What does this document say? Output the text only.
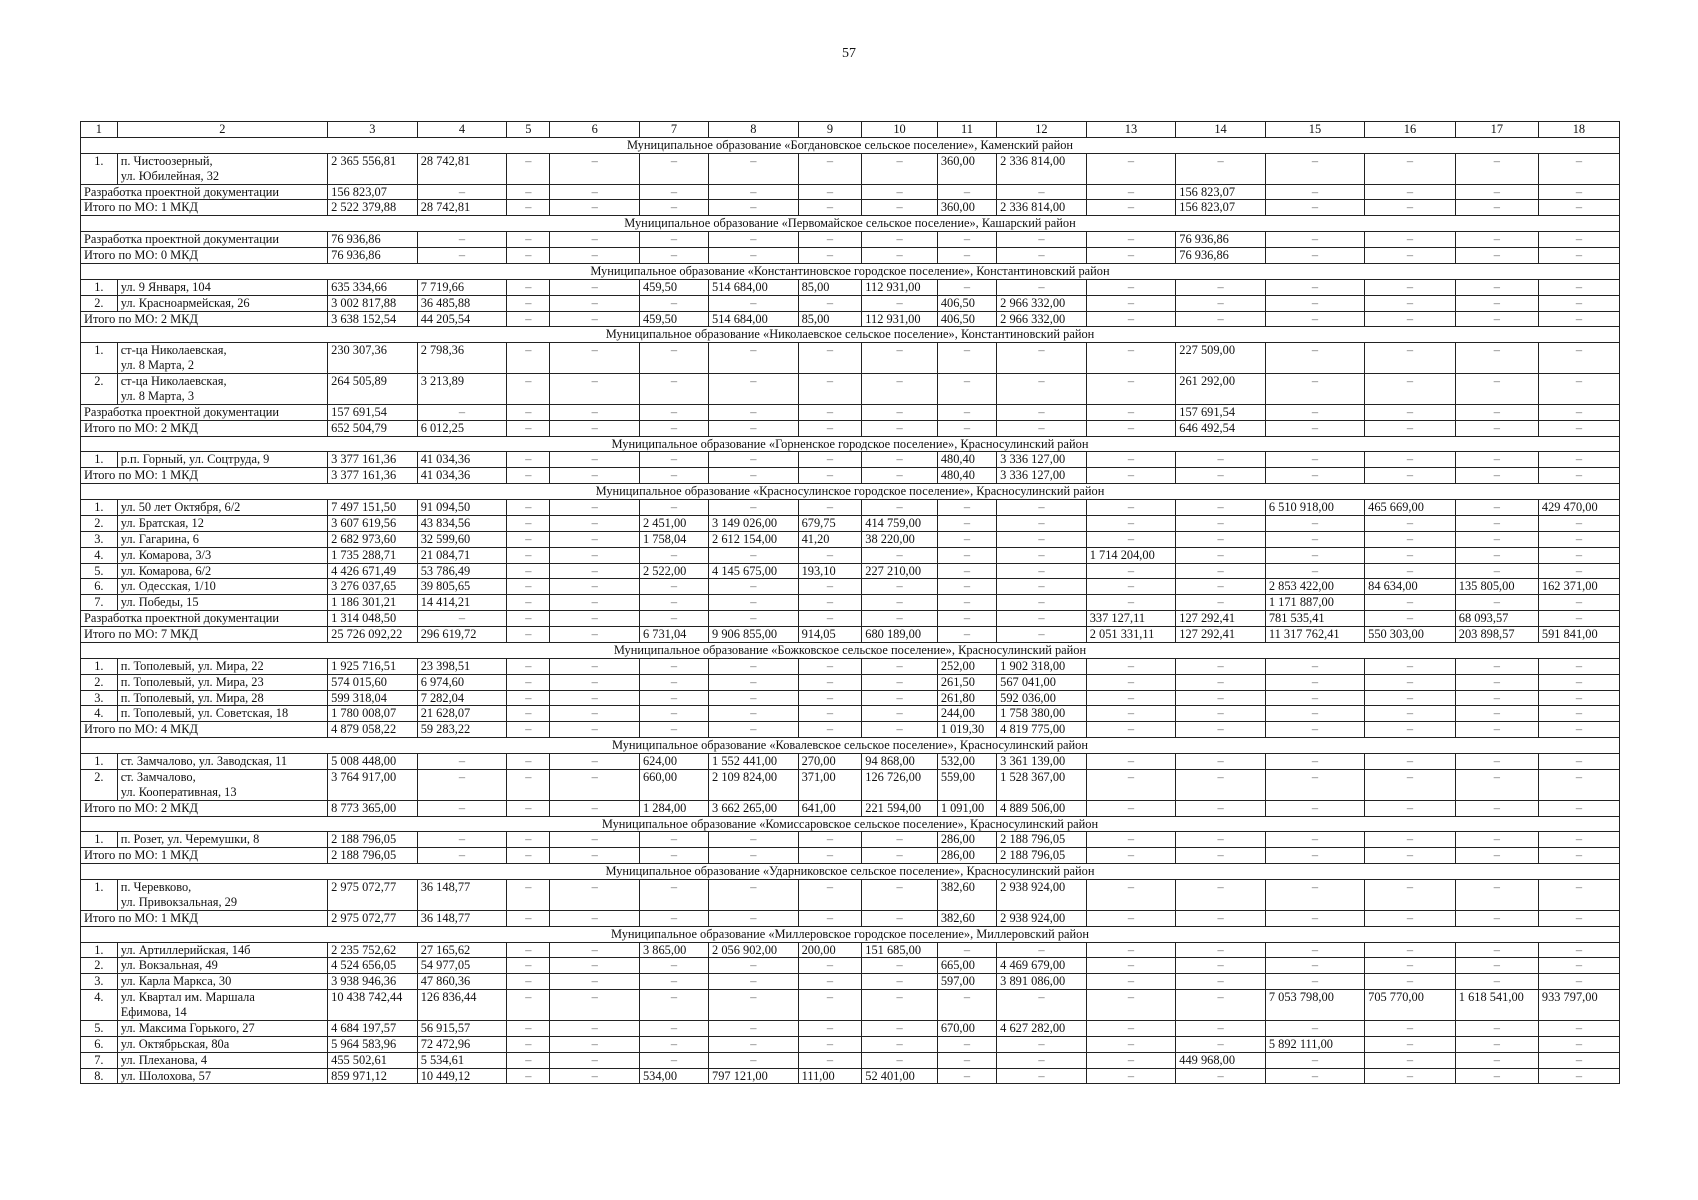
57
1	2	3	4	5	6	7	8	9	10	11	12	13	14	15	16	17	18
Муниципальное образование «Богдановское сельское поселение», Каменский район																	
1.	п. Чистоозерный,
ул. Юбилейная, 32	2 365 556,81	28 742,81	–	–	–	–	–	–	360,00	2 336 814,00	–	–	–	–	–	–
Разработка проектной документации		156 823,07	–	–	–	–	–	–	–	–	–	–	156 823,07	–	–	–	–
Итого по МО: 1 МКД		2 522 379,88	28 742,81	–	–	–	–	–	–	360,00	2 336 814,00	–	156 823,07	–	–	–	–
Муниципальное образование «Первомайское сельское поселение», Кашарский район																	
Разработка проектной документации		76 936,86	–	–	–	–	–	–	–	–	–	–	76 936,86	–	–	–	–
Итого по МО: 0 МКД		76 936,86	–	–	–	–	–	–	–	–	–	–	76 936,86	–	–	–	–
Муниципальное образование «Константиновское городское поселение», Константиновский район																	
1.	ул. 9 Января, 104	635 334,66	7 719,66	–	–	459,50	514 684,00	85,00	112 931,00	–	–	–	–	–	–	–	–
2.	ул. Красноармейская, 26	3 002 817,88	36 485,88	–	–	–	–	–	–	406,50	2 966 332,00	–	–	–	–	–	–
Итого по МО: 2 МКД		3 638 152,54	44 205,54	–	–	459,50	514 684,00	85,00	112 931,00	406,50	2 966 332,00	–	–	–	–	–	–
Муниципальное образование «Николаевское сельское поселение», Константиновский район																	
1.	ст-ца Николаевская,
ул. 8 Марта, 2	230 307,36	2 798,36	–	–	–	–	–	–	–	–	–	227 509,00	–	–	–	–
2.	ст-ца Николаевская,
ул. 8 Марта, 3	264 505,89	3 213,89	–	–	–	–	–	–	–	–	–	261 292,00	–	–	–	–
Разработка проектной документации		157 691,54	–	–	–	–	–	–	–	–	–	–	157 691,54	–	–	–	–
Итого по МО: 2 МКД		652 504,79	6 012,25	–	–	–	–	–	–	–	–	–	646 492,54	–	–	–	–
Муниципальное образование «Горненское городское поселение», Красносулинский район																	
1.	р.п. Горный, ул. Соцтруда, 9	3 377 161,36	41 034,36	–	–	–	–	–	–	480,40	3 336 127,00	–	–	–	–	–	–
Итого по МО: 1 МКД		3 377 161,36	41 034,36	–	–	–	–	–	–	480,40	3 336 127,00	–	–	–	–	–	–
Муниципальное образование «Красносулинское городское поселение», Красносулинский район																	
1.	ул. 50 лет Октября, 6/2	7 497 151,50	91 094,50	–	–	–	–	–	–	–	–	–	–	6 510 918,00	465 669,00	–	429 470,00
2.	ул. Братская, 12	3 607 619,56	43 834,56	–	–	2 451,00	3 149 026,00	679,75	414 759,00	–	–	–	–	–	–	–	–
3.	ул. Гагарина, 6	2 682 973,60	32 599,60	–	–	1 758,04	2 612 154,00	41,20	38 220,00	–	–	–	–	–	–	–	–
4.	ул. Комарова, 3/3	1 735 288,71	21 084,71	–	–	–	–	–	–	–	–	1 714 204,00	–	–	–	–	–
5.	ул. Комарова, 6/2	4 426 671,49	53 786,49	–	–	2 522,00	4 145 675,00	193,10	227 210,00	–	–	–	–	–	–	–	–
6.	ул. Одесская, 1/10	3 276 037,65	39 805,65	–	–	–	–	–	–	–	–	–	–	2 853 422,00	84 634,00	135 805,00	162 371,00
7.	ул. Победы, 15	1 186 301,21	14 414,21	–	–	–	–	–	–	–	–	–	–	1 171 887,00	–	–	–
Разработка проектной документации		1 314 048,50	–	–	–	–	–	–	–	–	–	337 127,11	127 292,41	781 535,41	–	68 093,57	–
Итого по МО: 7 МКД		25 726 092,22	296 619,72	–	–	6 731,04	9 906 855,00	914,05	680 189,00	–	–	2 051 331,11	127 292,41	11 317 762,41	550 303,00	203 898,57	591 841,00
Муниципальное образование «Божковское сельское поселение», Красносулинский район																	
1.	п. Тополевый, ул. Мира, 22	1 925 716,51	23 398,51	–	–	–	–	–	–	252,00	1 902 318,00	–	–	–	–	–	–
2.	п. Тополевый, ул. Мира, 23	574 015,60	6 974,60	–	–	–	–	–	–	261,50	567 041,00	–	–	–	–	–	–
3.	п. Тополевый, ул. Мира, 28	599 318,04	7 282,04	–	–	–	–	–	–	261,80	592 036,00	–	–	–	–	–	–
4.	п. Тополевый, ул. Советская, 18	1 780 008,07	21 628,07	–	–	–	–	–	–	244,00	1 758 380,00	–	–	–	–	–	–
Итого по МО: 4 МКД		4 879 058,22	59 283,22	–	–	–	–	–	–	1 019,30	4 819 775,00	–	–	–	–	–	–
Муниципальное образование «Ковалевское сельское поселение», Красносулинский район																	
1.	ст. Замчалово, ул. Заводская, 11	5 008 448,00	–	–	–	624,00	1 552 441,00	270,00	94 868,00	532,00	3 361 139,00	–	–	–	–	–	–
2.	ст. Замчалово,
ул. Кооперативная, 13	3 764 917,00	–	–	–	660,00	2 109 824,00	371,00	126 726,00	559,00	1 528 367,00	–	–	–	–	–	–
Итого по МО: 2 МКД		8 773 365,00	–	–	–	1 284,00	3 662 265,00	641,00	221 594,00	1 091,00	4 889 506,00	–	–	–	–	–	–
Муниципальное образование «Комиссаровское сельское поселение», Красносулинский район																	
1.	п. Розет, ул. Черемушки, 8	2 188 796,05	–	–	–	–	–	–	–	286,00	2 188 796,05	–	–	–	–	–	–
Итого по МО: 1 МКД		2 188 796,05	–	–	–	–	–	–	–	286,00	2 188 796,05	–	–	–	–	–	–
Муниципальное образование «Ударниковское сельское поселение», Красносулинский район																	
1.	п. Черевково,
ул. Привокзальная, 29	2 975 072,77	36 148,77	–	–	–	–	–	–	382,60	2 938 924,00	–	–	–	–	–	–
Итого по МО: 1 МКД		2 975 072,77	36 148,77	–	–	–	–	–	–	382,60	2 938 924,00	–	–	–	–	–	–
Муниципальное образование «Миллеровское городское поселение», Миллеровский район																	
1.	ул. Артиллерийская, 14б	2 235 752,62	27 165,62	–	–	3 865,00	2 056 902,00	200,00	151 685,00	–	–	–	–	–	–	–	–
2.	ул. Вокзальная, 49	4 524 656,05	54 977,05	–	–	–	–	–	–	665,00	4 469 679,00	–	–	–	–	–	–
3.	ул. Карла Маркса, 30	3 938 946,36	47 860,36	–	–	–	–	–	–	597,00	3 891 086,00	–	–	–	–	–	–
4.	ул. Квартал им. Маршала
Ефимова, 14	10 438 742,44	126 836,44	–	–	–	–	–	–	–	–	–	–	7 053 798,00	705 770,00	1 618 541,00	933 797,00
5.	ул. Максима Горького, 27	4 684 197,57	56 915,57	–	–	–	–	–	–	670,00	4 627 282,00	–	–	–	–	–	–
6.	ул. Октябрьская, 80а	5 964 583,96	72 472,96	–	–	–	–	–	–	–	–	–	–	5 892 111,00	–	–	–
7.	ул. Плеханова, 4	455 502,61	5 534,61	–	–	–	–	–	–	–	–	–	449 968,00	–	–	–	–
8.	ул. Шолохова, 57	859 971,12	10 449,12	–	–	534,00	797 121,00	111,00	52 401,00	–	–	–	–	–	–	–	–
